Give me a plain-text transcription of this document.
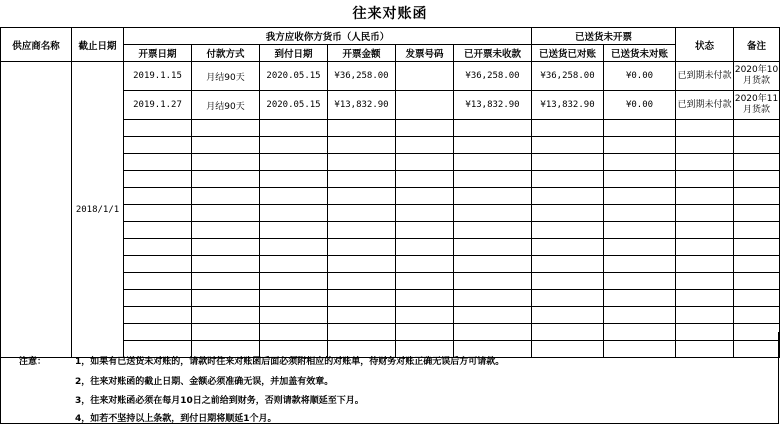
往来对账函
供应商名称	截止日期	我方应收你方货币（人民币）						已送货未开票		状态	备注
		开票日期	付款方式	到付日期	开票金额	发票号码	已开票未收款	已送货已对账	已送货未对账		
	2018/1/1	2019.1.15	月结90天	2020.05.15	¥36,258.00		¥36,258.00	¥36,258.00	¥0.00	已到期未付款	2020年10月货款
		2019.1.27	月结90天	2020.05.15	¥13,832.90		¥13,832.90	¥13,832.90	¥0.00	已到期未付款	2020年11月货款

注意：	1，如果有已送货未对账的，请款时往来对账函后面必须附相应的对账单，待财务对账正确无误后方可请款。
2，往来对账函的截止日期、金额必须准确无误，并加盖有效章。
3，往来对账函必须在每月10日之前给到财务，否则请款将顺延至下月。
4，如若不坚持以上条款，到付日期将顺延1个月。
